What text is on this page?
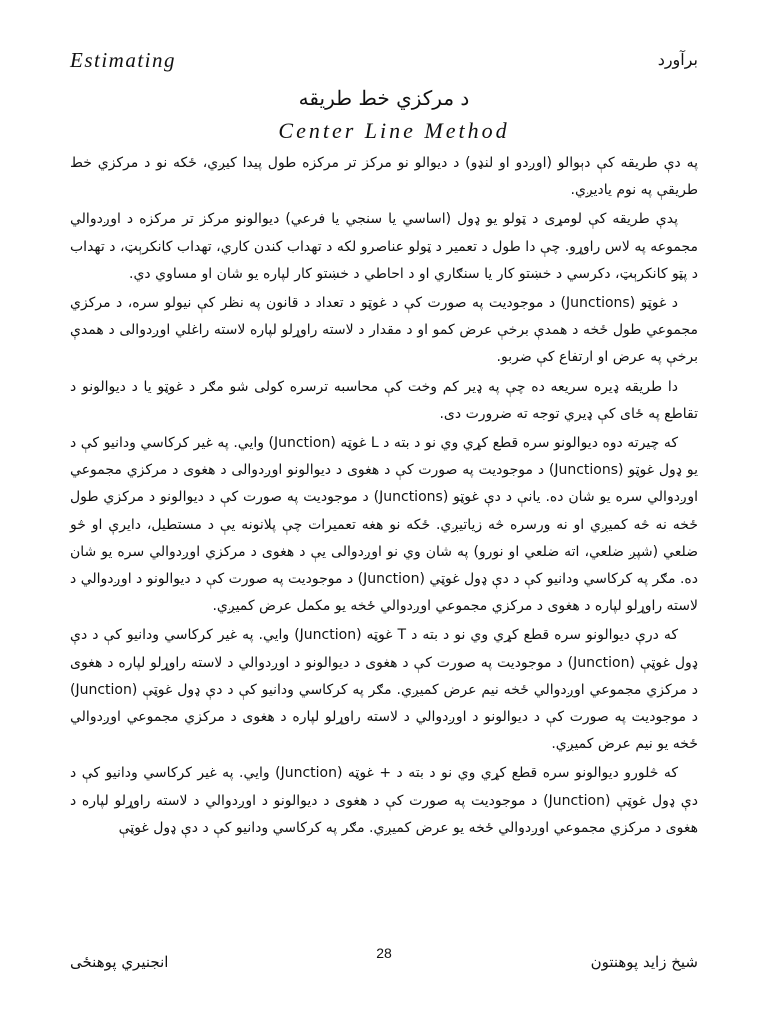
Estimating	برآورد
د مرکزي خط طريقه
Center Line Method

په دې طريقه کې دېوالو (اوږدو او لنډو) د ديوالو نو مرکز تر مرکزه طول پيدا کيږي، ځکه نو د مرکزي خط طريقې په نوم ياديږي.

پدې طريقه کې لومړی د ټولو يو ډول (اساسي يا سنجي يا فرعي) ديوالونو مرکز تر مرکزه د اوږدوالي مجموعه په لاس راوړو. چې دا طول د تعمير د ټولو عناصرو لکه د تهداب کندن کاري، تهداب کانکرېټ، د تهداب د پټو کانکرېټ، دکرسي د خښتو کار يا سنګاري او د احاطي د خښتو کار لپاره يو شان او مساوي دي.

د غوټو (Junctions) د موجوديت په صورت کې د غوټو د تعداد د قانون په نظر کې نيولو سره، د مرکزي مجموعي طول ځخه د همدې برخې عرض کمو او د مقدار د لاسته راوړلو لپاره لاسته راغلي اوږدوالی د همدې برخې په عرض او ارتفاع کې ضربو.

دا طريقه ډيره سريعه ده چې په ډير کم وخت کې محاسبه ترسره کولی شو مګر د غوټو يا د ديوالونو د تقاطع په ځای کې ډيري توجه ته ضرورت دی.

که چيرته دوه ديوالونو سره قطع کړي وي نو د بته د L غوټه (Junction) وايي. په غير کرکاسي ودانيو کې د يو ډول غوټو (Junctions) د موجوديت په صورت کې د هغوی د ديوالونو اوږدوالی د هغوی د مرکزي مجموعي اوږدوالي سره يو شان ده. يانې د دې غوټو (Junctions) د موجوديت په صورت کې د ديوالونو د مرکزي طول ځخه نه څه کميږي او نه ورسره څه زياتيږي. ځکه نو هغه تعميرات چې پلانونه يې د مستطيل، دايرې او څو ضلعي (شپږ ضلعي، اته ضلعي او نورو) په شان وي نو اوږدوالی يې د هغوی د مرکزي اوږدوالي سره يو شان ده. مګر په کرکاسي ودانيو کې د دې ډول غوټي (Junction) د موجوديت په صورت کې د ديوالونو د اوږدوالي د لاسته راوړلو لپاره د هغوی د مرکزي مجموعي اوږدوالي ځخه يو مکمل عرض کميږي.

که درې ديوالونو سره قطع کړي وي نو د بته د T غوټه (Junction) وايي. په غير کرکاسي ودانيو کې د دې ډول غوټې (Junction) د موجوديت په صورت کې د هغوی د ديوالونو د اوږدوالي د لاسته راوړلو لپاره د هغوی د مرکزي مجموعي اوږدوالي ځخه نيم عرض کميږي. مګر په کرکاسي ودانيو کې د دې ډول غوټې (Junction) د موجوديت په صورت کې د ديوالونو د اوږدوالي د لاسته راوړلو لپاره د هغوی د مرکزي مجموعي اوږدوالي ځخه يو نيم عرض کميږي.

که څلورو ديوالونو سره قطع کړي وي نو د بته د + غوټه (Junction) وايي. په غير کرکاسي ودانيو کې د دې ډول غوټې (Junction) د موجوديت په صورت کې د هغوی د ديوالونو د اوږدوالي د لاسته راوړلو لپاره د هغوی د مرکزي مجموعي اوږدوالي ځخه يو عرض کميږي. مګر په کرکاسي ودانيو کې د دې ډول غوټې

انجنيري پوهنځی	28	شيخ زايد پوهنتون
